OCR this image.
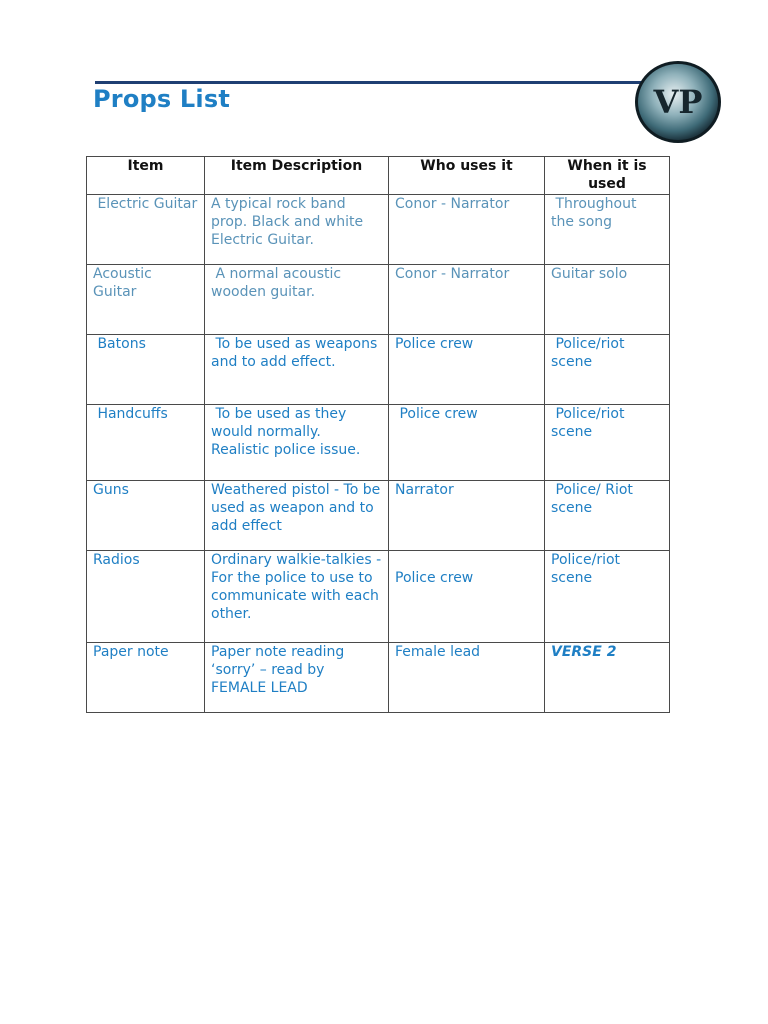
Props List	VP
Item	Item Description	Who uses it	When it is used
Electric Guitar	A typical rock band prop. Black and white Electric Guitar.	Conor - Narrator	Throughout the song
Acoustic Guitar	A normal acoustic wooden guitar.	Conor - Narrator	Guitar solo
Batons	To be used as weapons and to add effect.	Police crew	Police/riot scene
Handcuffs	To be used as they would normally. Realistic police issue.	Police crew	Police/riot scene
Guns	Weathered pistol - To be used as weapon and to add effect	Narrator	Police/ Riot scene
Radios	Ordinary walkie-talkies - For the police to use to communicate with each other.	Police crew	Police/riot scene
Paper note	Paper note reading ‘sorry’ – read by FEMALE LEAD	Female lead	VERSE 2
